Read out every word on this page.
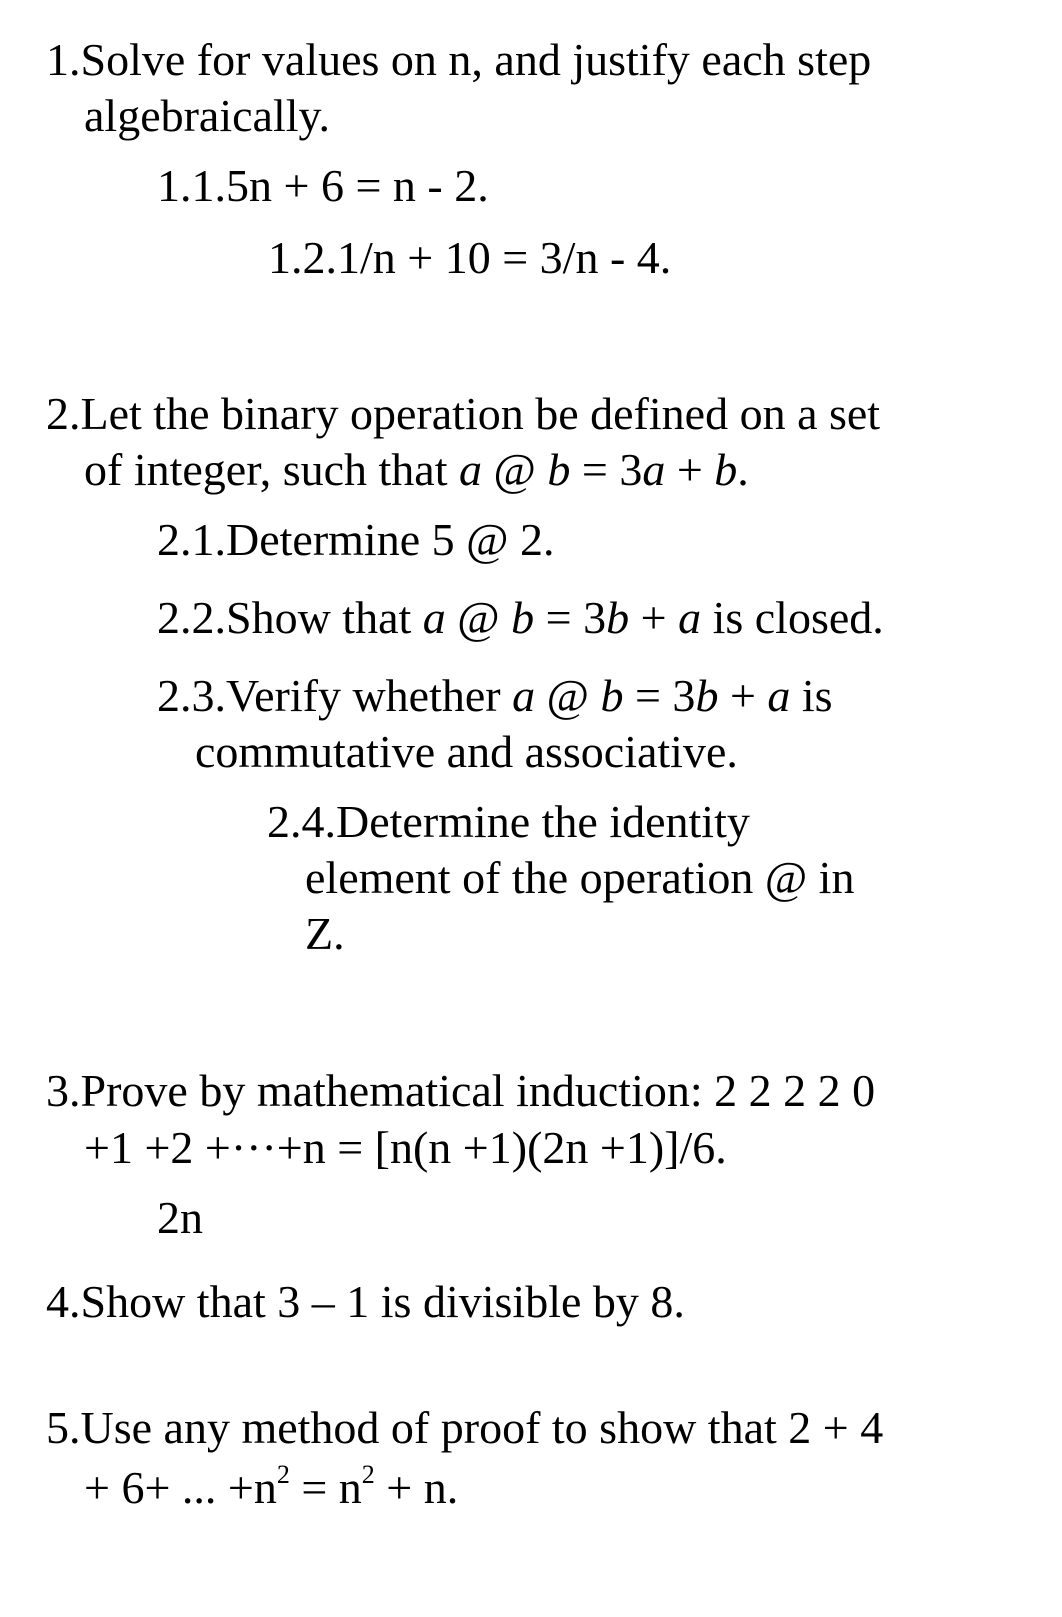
1.Solve for values on n, and justify each step
algebraically.
1.1.5n + 6 = n - 2.
1.2.1/n + 10 = 3/n - 4.
2.Let the binary operation be defined on a set
of integer, such that a @ b = 3a + b.
2.1.Determine 5 @ 2.
2.2.Show that a @ b = 3b + a is closed.
2.3.Verify whether a @ b = 3b + a is
commutative and associative.
2.4.Determine the identity
element of the operation @ in
Z.
3.Prove by mathematical induction: 2 2 2 2 0
+1 +2 +···+n = [n(n +1)(2n +1)]/6.
2n
4.Show that 3 – 1 is divisible by 8.
5.Use any method of proof to show that 2 + 4
+ 6+ ... $+n^2 = n^2 + n$.
